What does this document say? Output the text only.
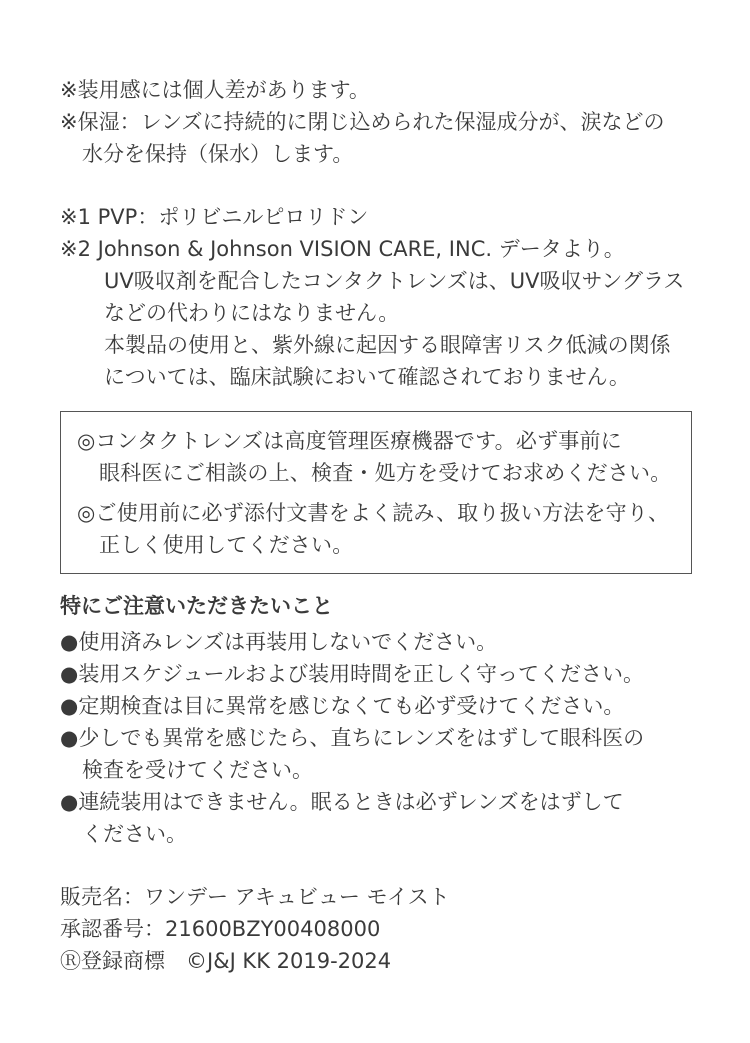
※装用感には個人差があります。

※保湿：レンズに持続的に閉じ込められた保湿成分が、涙などの

水分を保持（保水）します。

※1 PVP：ポリビニルピロリドン

※2 Johnson & Johnson VISION CARE, INC. データより。

UV吸収剤を配合したコンタクトレンズは、UV吸収サングラス

などの代わりにはなりません。

本製品の使用と、紫外線に起因する眼障害リスク低減の関係

については、臨床試験において確認されておりません。

◎コンタクトレンズは高度管理医療機器です。必ず事前に

眼科医にご相談の上、検査・処方を受けてお求めください。

◎ご使用前に必ず添付文書をよく読み、取り扱い方法を守り、

正しく使用してください。

特にご注意いただきたいこと

●使用済みレンズは再装用しないでください。

●装用スケジュールおよび装用時間を正しく守ってください。

●定期検査は目に異常を感じなくても必ず受けてください。

●少しでも異常を感じたら、直ちにレンズをはずして眼科医の

検査を受けてください。

●連続装用はできません。眠るときは必ずレンズをはずして

ください。

販売名：ワンデー アキュビュー モイスト

承認番号：21600BZY00408000

Ⓡ登録商標　©J&J KK 2019-2024
